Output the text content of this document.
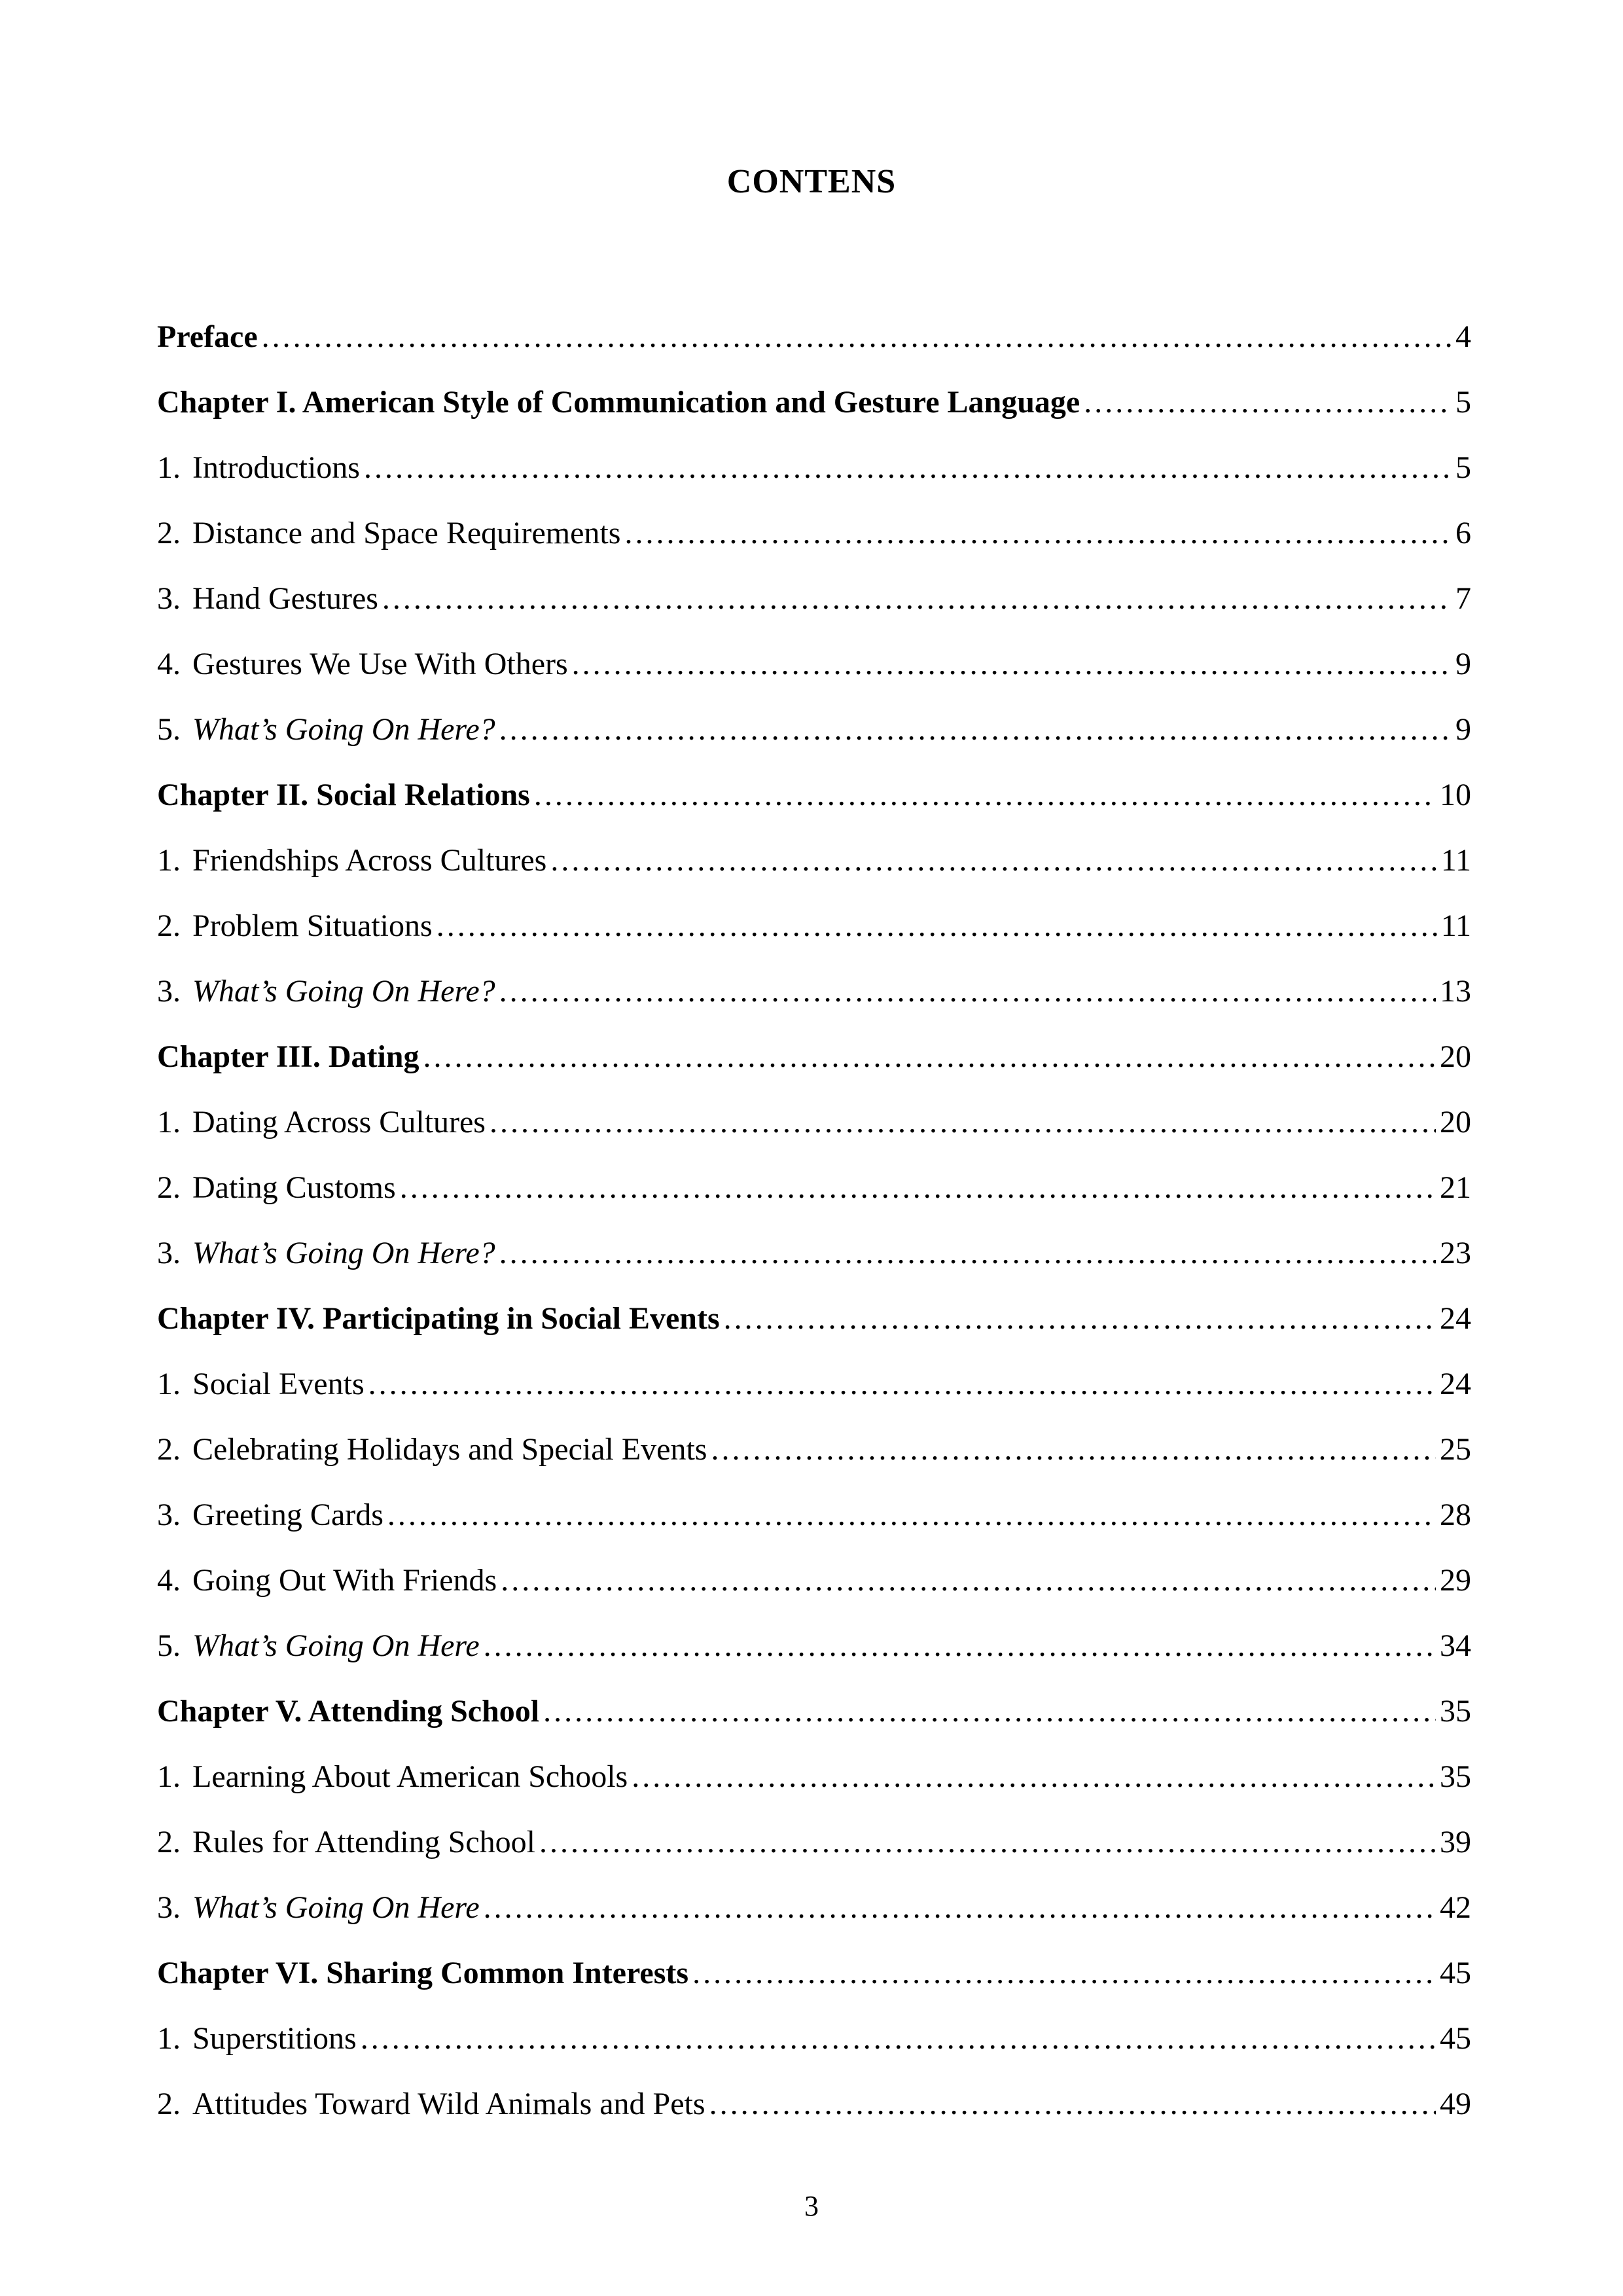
CONTENS
Preface .....	4
Chapter I. American Style of Communication and Gesture Language .....	5
1. Introductions .....	5
2. Distance and Space Requirements .....	6
3. Hand Gestures .....	7
4. Gestures We Use With Others .....	9
5. What’s Going On Here? .....	9
Chapter II. Social Relations .....	10
1. Friendships Across Cultures .....	11
2. Problem Situations .....	11
3. What’s Going On Here? .....	13
Chapter III. Dating .....	20
1. Dating Across Cultures .....	20
2. Dating Customs .....	21
3. What’s Going On Here? .....	23
Chapter IV. Participating in Social Events .....	24
1. Social Events .....	24
2. Celebrating Holidays and Special Events .....	25
3. Greeting Cards .....	28
4. Going Out With Friends .....	29
5. What’s Going On Here .....	34
Chapter V. Attending School .....	35
1. Learning About American Schools .....	35
2. Rules for Attending School .....	39
3. What’s Going On Here .....	42
Chapter VI. Sharing Common Interests .....	45
1. Superstitions .....	45
2. Attitudes Toward Wild Animals and Pets .....	49
3
